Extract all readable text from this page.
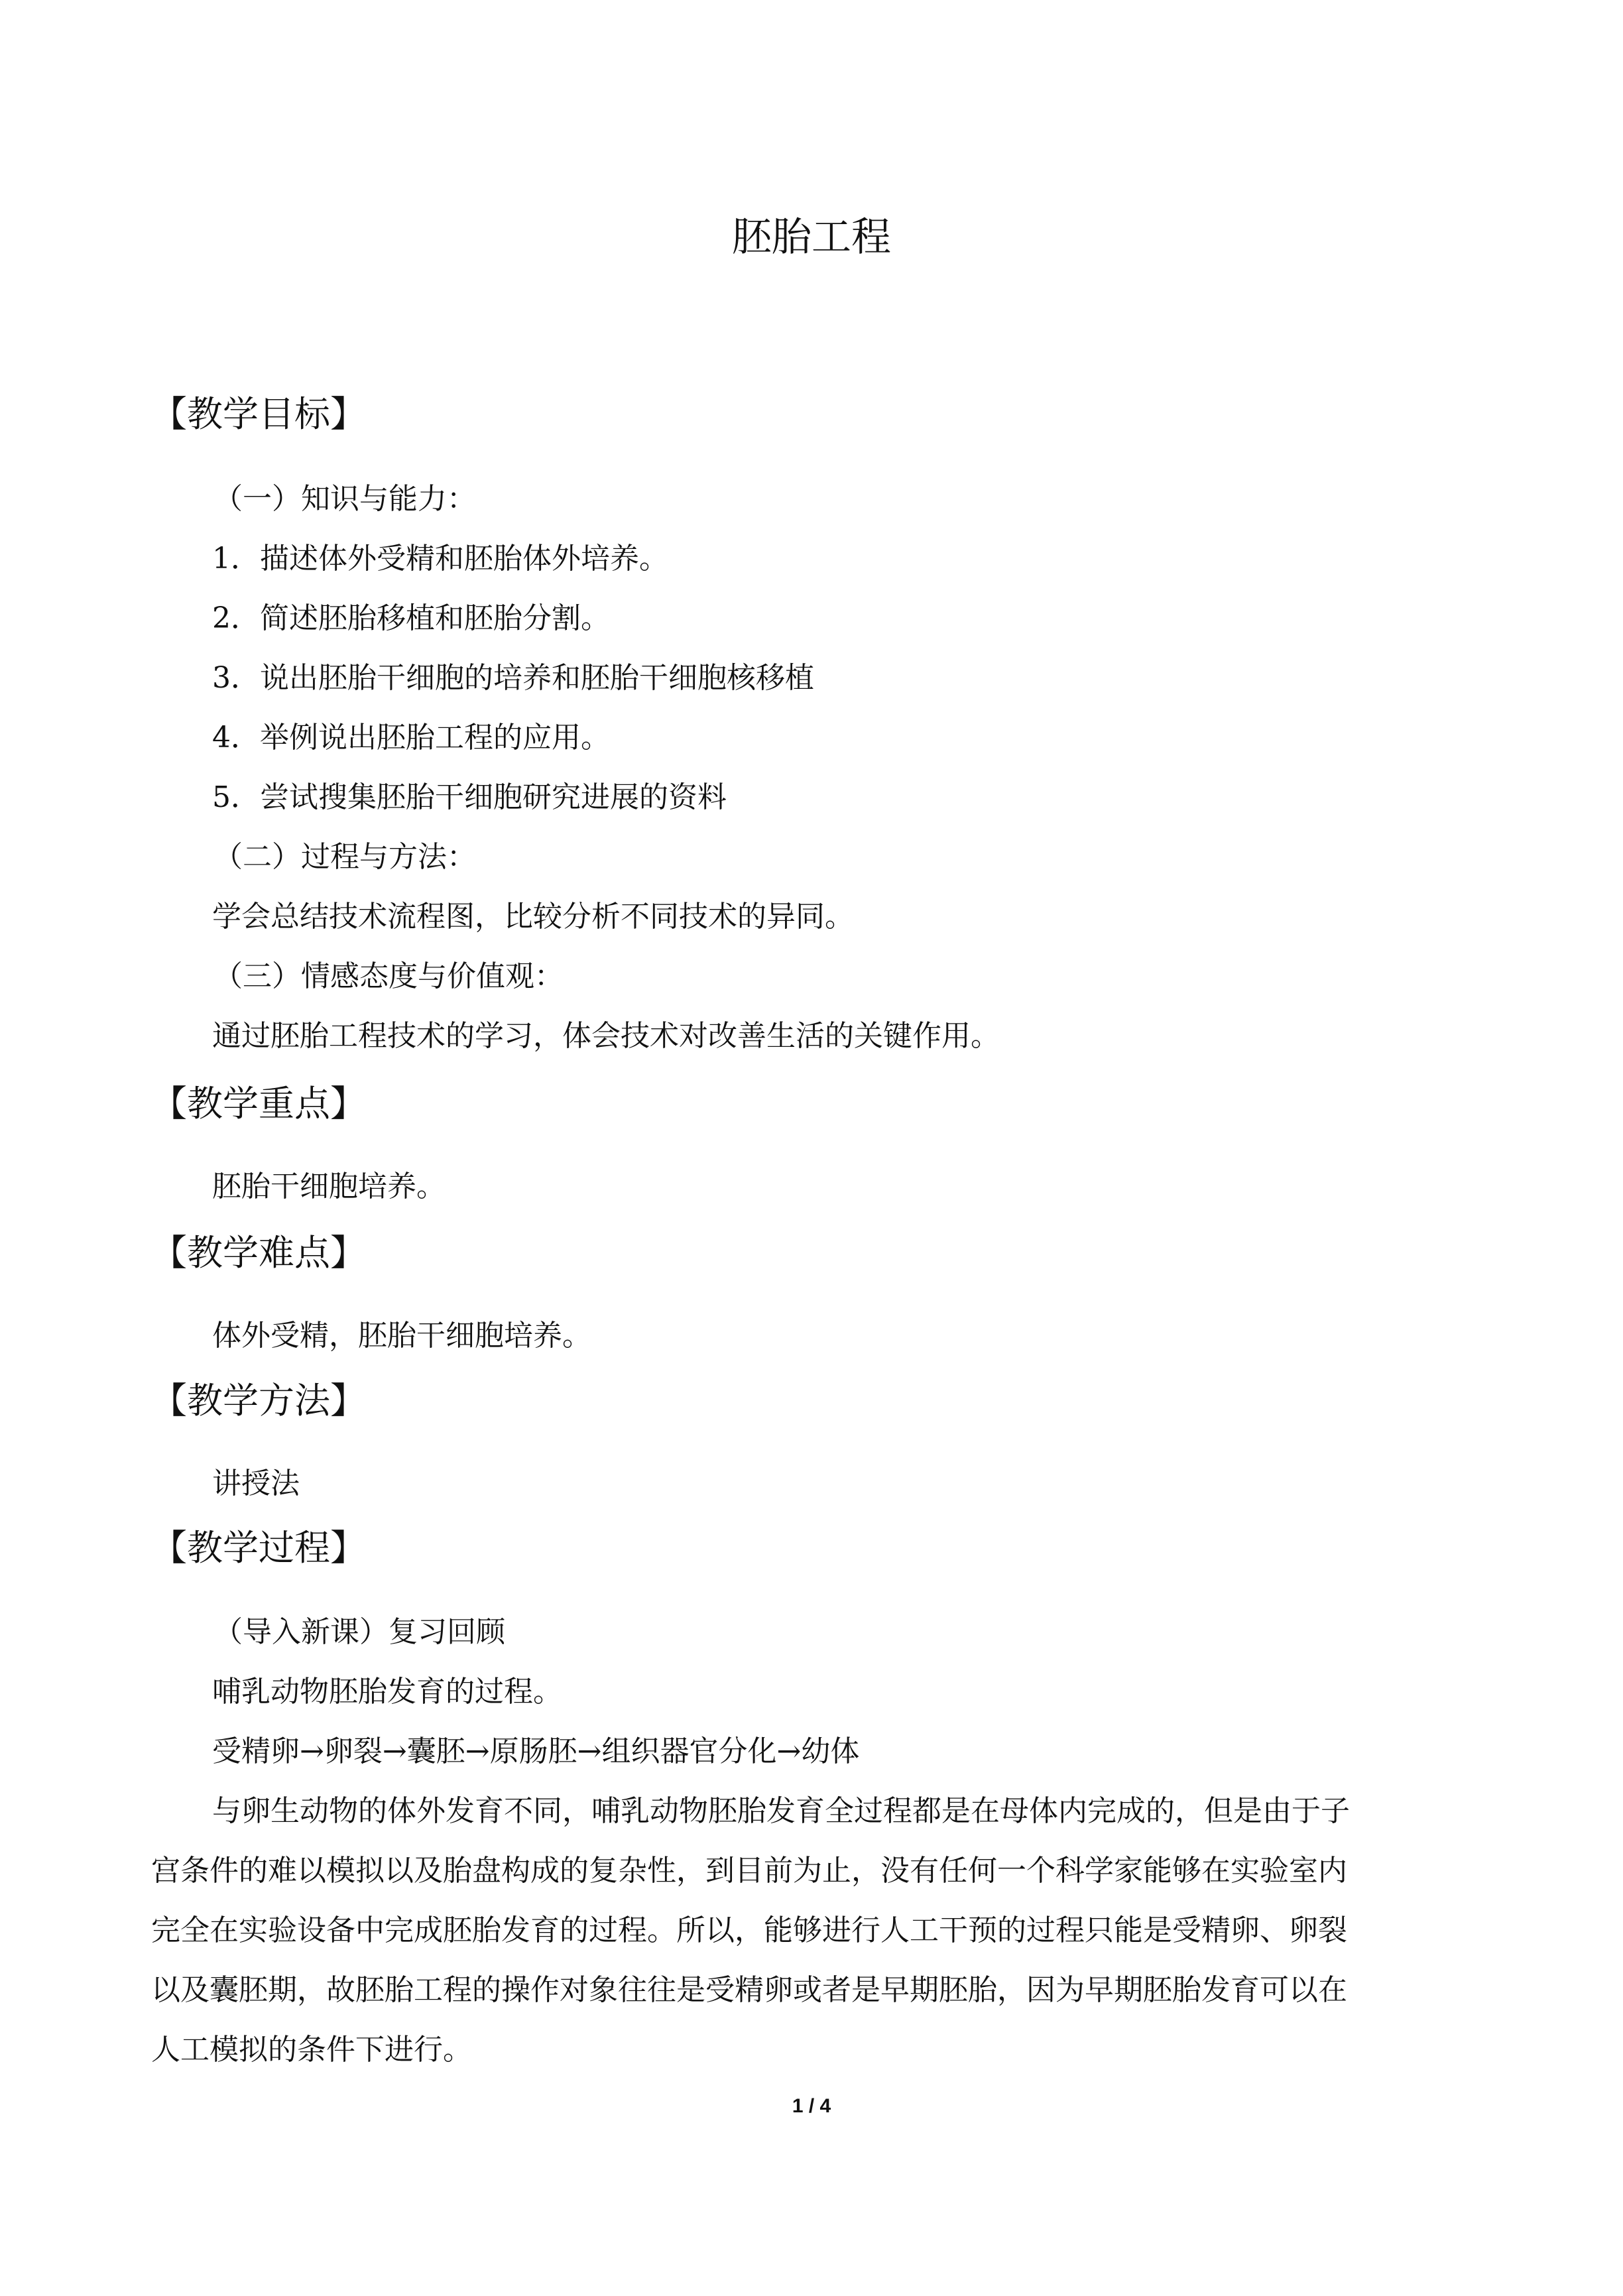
胚胎工程
【教学目标】
（一）知识与能力：
1．描述体外受精和胚胎体外培养。
2．简述胚胎移植和胚胎分割。
3．说出胚胎干细胞的培养和胚胎干细胞核移植
4．举例说出胚胎工程的应用。
5．尝试搜集胚胎干细胞研究进展的资料
（二）过程与方法：
学会总结技术流程图，比较分析不同技术的异同。
（三）情感态度与价值观：
通过胚胎工程技术的学习，体会技术对改善生活的关键作用。
【教学重点】
胚胎干细胞培养。
【教学难点】
体外受精，胚胎干细胞培养。
【教学方法】
讲授法
【教学过程】
（导入新课）复习回顾
哺乳动物胚胎发育的过程。
受精卵→卵裂→囊胚→原肠胚→组织器官分化→幼体
与卵生动物的体外发育不同，哺乳动物胚胎发育全过程都是在母体内完成的，但是由于子
宫条件的难以模拟以及胎盘构成的复杂性，到目前为止，没有任何一个科学家能够在实验室内
完全在实验设备中完成胚胎发育的过程。所以，能够进行人工干预的过程只能是受精卵、卵裂
以及囊胚期，故胚胎工程的操作对象往往是受精卵或者是早期胚胎，因为早期胚胎发育可以在
人工模拟的条件下进行。
1 / 4
